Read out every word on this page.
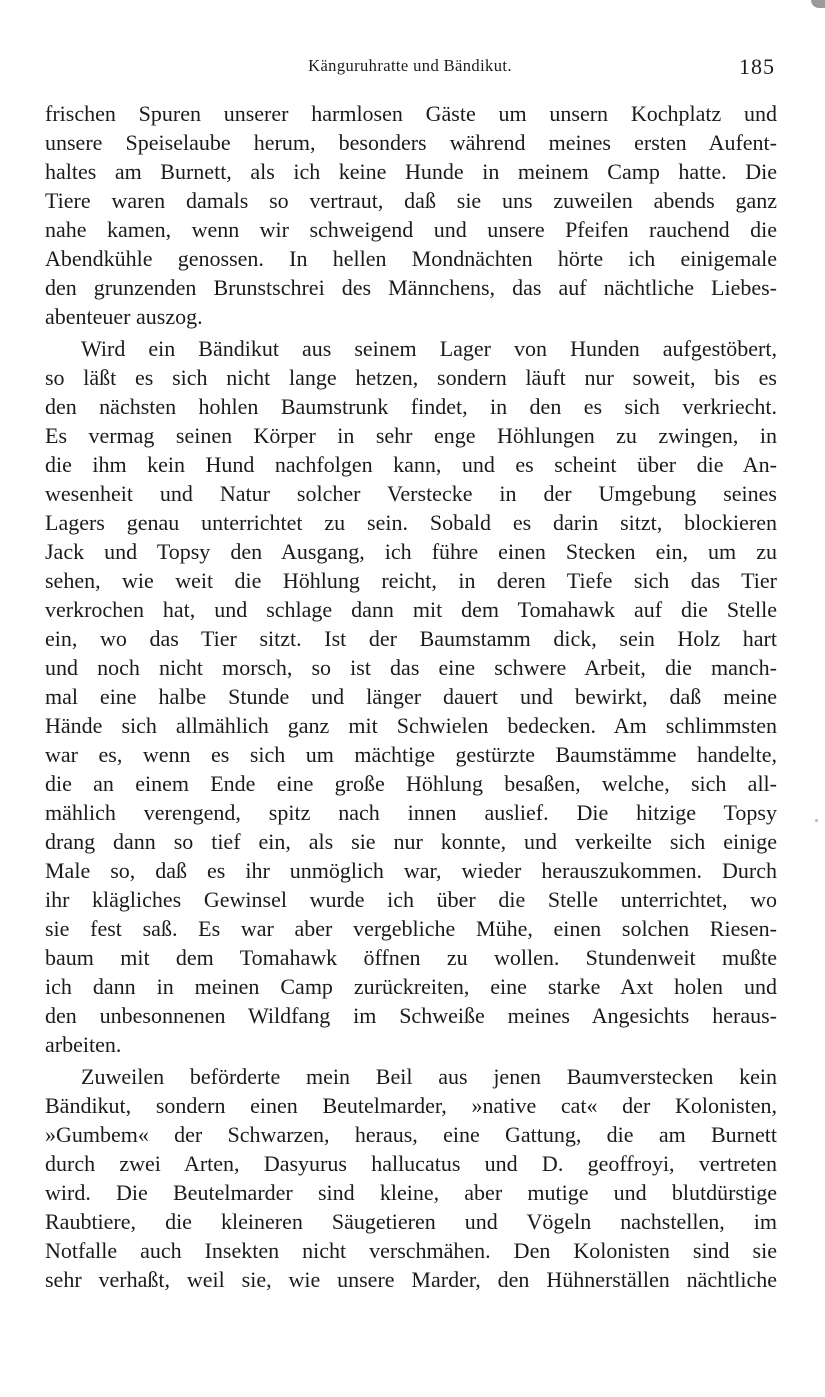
Känguruhratte und Bändikut.	185
frischen Spuren unserer harmlosen Gäste um unsern Kochplatz und
unsere Speiselaube herum, besonders während meines ersten Aufent-
haltes am Burnett, als ich keine Hunde in meinem Camp hatte. Die
Tiere waren damals so vertraut, daß sie uns zuweilen abends ganz
nahe kamen, wenn wir schweigend und unsere Pfeifen rauchend die
Abendkühle genossen. In hellen Mondnächten hörte ich einigemale
den grunzenden Brunstschrei des Männchens, das auf nächtliche Liebes-
abenteuer auszog.
Wird ein Bändikut aus seinem Lager von Hunden aufgestöbert,
so läßt es sich nicht lange hetzen, sondern läuft nur soweit, bis es
den nächsten hohlen Baumstrunk findet, in den es sich verkriecht.
Es vermag seinen Körper in sehr enge Höhlungen zu zwingen, in
die ihm kein Hund nachfolgen kann, und es scheint über die An-
wesenheit und Natur solcher Verstecke in der Umgebung seines
Lagers genau unterrichtet zu sein. Sobald es darin sitzt, blockieren
Jack und Topsy den Ausgang, ich führe einen Stecken ein, um zu
sehen, wie weit die Höhlung reicht, in deren Tiefe sich das Tier
verkrochen hat, und schlage dann mit dem Tomahawk auf die Stelle
ein, wo das Tier sitzt. Ist der Baumstamm dick, sein Holz hart
und noch nicht morsch, so ist das eine schwere Arbeit, die manch-
mal eine halbe Stunde und länger dauert und bewirkt, daß meine
Hände sich allmählich ganz mit Schwielen bedecken. Am schlimmsten
war es, wenn es sich um mächtige gestürzte Baumstämme handelte,
die an einem Ende eine große Höhlung besaßen, welche, sich all-
mählich verengend, spitz nach innen auslief. Die hitzige Topsy
drang dann so tief ein, als sie nur konnte, und verkeilte sich einige
Male so, daß es ihr unmöglich war, wieder herauszukommen. Durch
ihr klägliches Gewinsel wurde ich über die Stelle unterrichtet, wo
sie fest saß. Es war aber vergebliche Mühe, einen solchen Riesen-
baum mit dem Tomahawk öffnen zu wollen. Stundenweit mußte
ich dann in meinen Camp zurückreiten, eine starke Axt holen und
den unbesonnenen Wildfang im Schweiße meines Angesichts heraus-
arbeiten.
Zuweilen beförderte mein Beil aus jenen Baumverstecken kein
Bändikut, sondern einen Beutelmarder, »native cat« der Kolonisten,
»Gumbem« der Schwarzen, heraus, eine Gattung, die am Burnett
durch zwei Arten, Dasyurus hallucatus und D. geoffroyi, vertreten
wird. Die Beutelmarder sind kleine, aber mutige und blutdürstige
Raubtiere, die kleineren Säugetieren und Vögeln nachstellen, im
Notfalle auch Insekten nicht verschmähen. Den Kolonisten sind sie
sehr verhaßt, weil sie, wie unsere Marder, den Hühnerställen nächtliche
